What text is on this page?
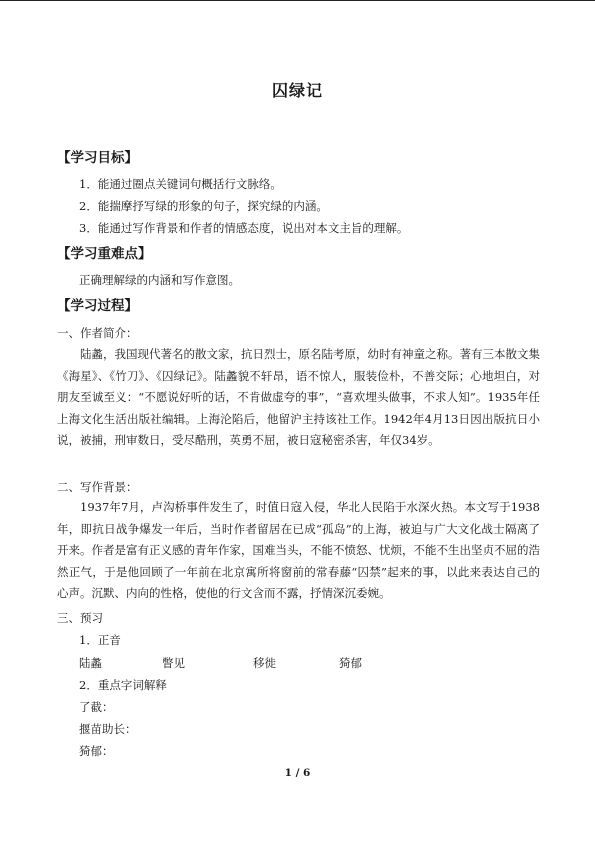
囚绿记
【学习目标】
1．能通过圈点关键词句概括行文脉络。
2．能揣摩抒写绿的形象的句子，探究绿的内涵。
3．能通过写作背景和作者的情感态度，说出对本文主旨的理解。
【学习重难点】
正确理解绿的内涵和写作意图。
【学习过程】
一、作者简介：
陆蠡，我国现代著名的散文家，抗日烈士，原名陆考原，幼时有神童之称。著有三本散文集《海星》、《竹刀》、《囚绿记》。陆蠡貌不轩昂，语不惊人，服装俭朴，不善交际；心地坦白，对朋友至诚至义：“不愿说好听的话，不肯做虚夸的事”，“喜欢埋头做事，不求人知”。1935年任上海文化生活出版社编辑。上海沦陷后，他留沪主持该社工作。1942年4月13日因出版抗日小说，被捕，刑审数日，受尽酷刑，英勇不屈，被日寇秘密杀害，年仅34岁。
二、写作背景：
1937年7月，卢沟桥事件发生了，时值日寇入侵，华北人民陷于水深火热。本文写于1938年，即抗日战争爆发一年后，当时作者留居在已成“孤岛”的上海，被迫与广大文化战士隔离了开来。作者是富有正义感的青年作家，国难当头，不能不愤怒、忧烦，不能不生出坚贞不屈的浩然正气，于是他回顾了一年前在北京寓所将窗前的常春藤“囚禁”起来的事，以此来表达自己的心声。沉默、内向的性格，使他的行文含而不露，抒情深沉委婉。
三、预习
1．正音
陆蠡	瞥见	移徙	猗郁
2．重点字词解释
了截：
揠苗助长：
猗郁：
1 / 6
